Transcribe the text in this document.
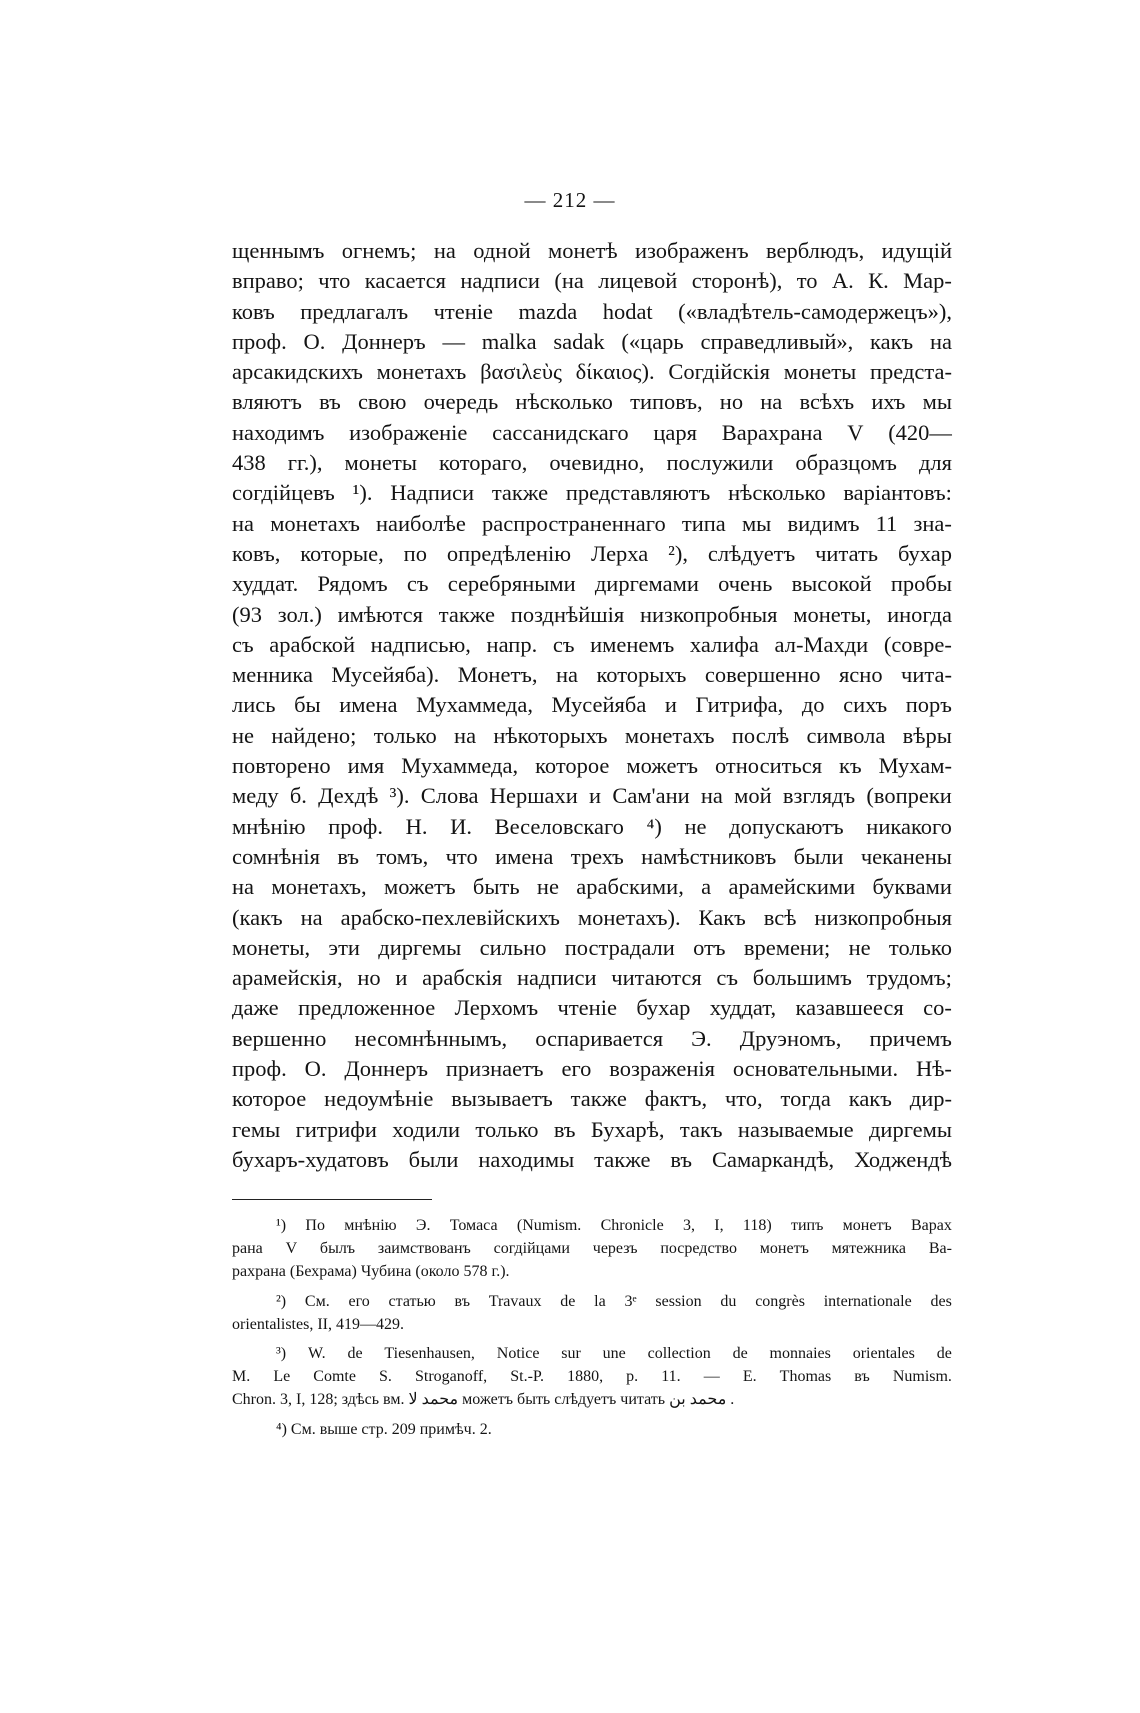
— 212 —
щеннымъ огнемъ; на одной монетѣ изображенъ верблюдъ, идущій
вправо; что касается надписи (на лицевой сторонѣ), то А. К. Мар-
ковъ предлагалъ чтеніе mazda hodat («владѣтель-самодержецъ»),
проф. О. Доннеръ — malka sadak («царь справедливый», какъ на
арсакидскихъ монетахъ βασιλεὺς δίκαιος). Согдійскія монеты предста-
вляютъ въ свою очередь нѣсколько типовъ, но на всѣхъ ихъ мы
находимъ изображеніе сассанидскаго царя Варахрана V (420—
438 гг.), монеты котораго, очевидно, послужили образцомъ для
согдійцевъ ¹). Надписи также представляютъ нѣсколько варіантовъ:
на монетахъ наиболѣе распространеннаго типа мы видимъ 11 зна-
ковъ, которые, по опредѣленію Лерха ²), слѣдуетъ читать бухар
худдат. Рядомъ съ серебряными диргемами очень высокой пробы
(93 зол.) имѣются также позднѣйшія низкопробныя монеты, иногда
съ арабской надписью, напр. съ именемъ халифа ал-Махди (совре-
менника Мусейяба). Монетъ, на которыхъ совершенно ясно чита-
лись бы имена Мухаммеда, Мусейяба и Гитрифа, до сихъ поръ
не найдено; только на нѣкоторыхъ монетахъ послѣ символа вѣры
повторено имя Мухаммеда, которое можетъ относиться къ Мухам-
меду б. Дехдѣ ³). Слова Нершахи и Сам'ани на мой взглядъ (вопреки
мнѣнію проф. Н. И. Веселовскаго ⁴) не допускаютъ никакого
сомнѣнія въ томъ, что имена трехъ намѣстниковъ были чеканены
на монетахъ, можетъ быть не арабскими, а арамейскими буквами
(какъ на арабско-пехлевійскихъ монетахъ). Какъ всѣ низкопробныя
монеты, эти диргемы сильно пострадали отъ времени; не только
арамейскія, но и арабскія надписи читаются съ большимъ трудомъ;
даже предложенное Лерхомъ чтеніе бухар худдат, казавшееся со-
вершенно несомнѣннымъ, оспаривается Э. Друэномъ, причемъ
проф. О. Доннеръ признаетъ его возраженія основательными. Нѣ-
которое недоумѣніе вызываетъ также фактъ, что, тогда какъ дир-
гемы гитрифи ходили только въ Бухарѣ, такъ называемые диргемы
бухаръ-худатовъ были находимы также въ Самаркандѣ, Ходжендѣ
¹) По мнѣнію Э. Томаса (Numism. Chronicle 3, I, 118) типъ монетъ Варах
рана V былъ заимствованъ согдійцами черезъ посредство монетъ мятежника Ва-
рахрана (Бехрама) Чубина (около 578 г.).
²) См. его статью въ Travaux de la 3ᵉ session du congrès internationale des
orientalistes, II, 419—429.
³) W. de Tiesenhausen, Notice sur une collection de monnaies orientales de
M. Le Comte S. Stroganoff, St.-P. 1880, p. 11. — E. Thomas въ Numism.
Chron. 3, I, 128; здѣсь вм. محمد لا можетъ быть слѣдуетъ читать محمد ﺑﻦ .
⁴) См. выше стр. 209 примѣч. 2.
